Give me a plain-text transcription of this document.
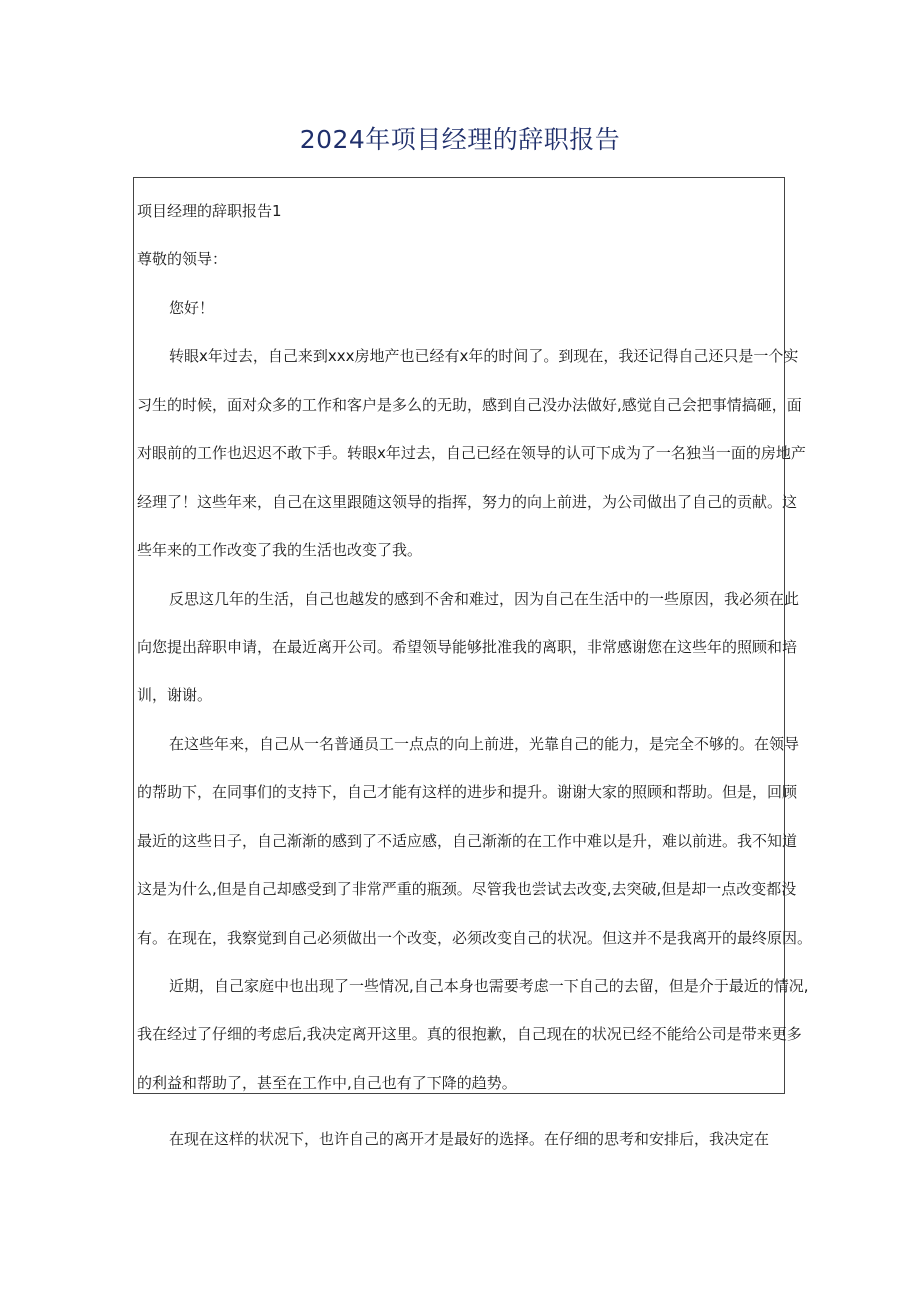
2024年项目经理的辞职报告
项目经理的辞职报告1
尊敬的领导：
您好！
转眼x年过去，自己来到xxx房地产也已经有x年的时间了。到现在，我还记得自己还只是一个实
习生的时候，面对众多的工作和客户是多么的无助，感到自己没办法做好,感觉自己会把事情搞砸，面
对眼前的工作也迟迟不敢下手。转眼x年过去，自己已经在领导的认可下成为了一名独当一面的房地产
经理了！这些年来，自己在这里跟随这领导的指挥，努力的向上前进，为公司做出了自己的贡献。这
些年来的工作改变了我的生活也改变了我。
反思这几年的生活，自己也越发的感到不舍和难过，因为自己在生活中的一些原因，我必须在此
向您提出辞职申请，在最近离开公司。希望领导能够批准我的离职，非常感谢您在这些年的照顾和培
训，谢谢。
在这些年来，自己从一名普通员工一点点的向上前进，光靠自己的能力，是完全不够的。在领导
的帮助下，在同事们的支持下，自己才能有这样的进步和提升。谢谢大家的照顾和帮助。但是，回顾
最近的这些日子，自己渐渐的感到了不适应感，自己渐渐的在工作中难以是升，难以前进。我不知道
这是为什么,但是自己却感受到了非常严重的瓶颈。尽管我也尝试去改变,去突破,但是却一点改变都没
有。在现在，我察觉到自己必须做出一个改变，必须改变自己的状况。但这并不是我离开的最终原因。
近期，自己家庭中也出现了一些情况,自己本身也需要考虑一下自己的去留，但是介于最近的情况,
我在经过了仔细的考虑后,我决定离开这里。真的很抱歉，自己现在的状况已经不能给公司是带来更多
的利益和帮助了，甚至在工作中,自己也有了下降的趋势。
在现在这样的状况下，也许自己的离开才是最好的选择。在仔细的思考和安排后，我决定在
